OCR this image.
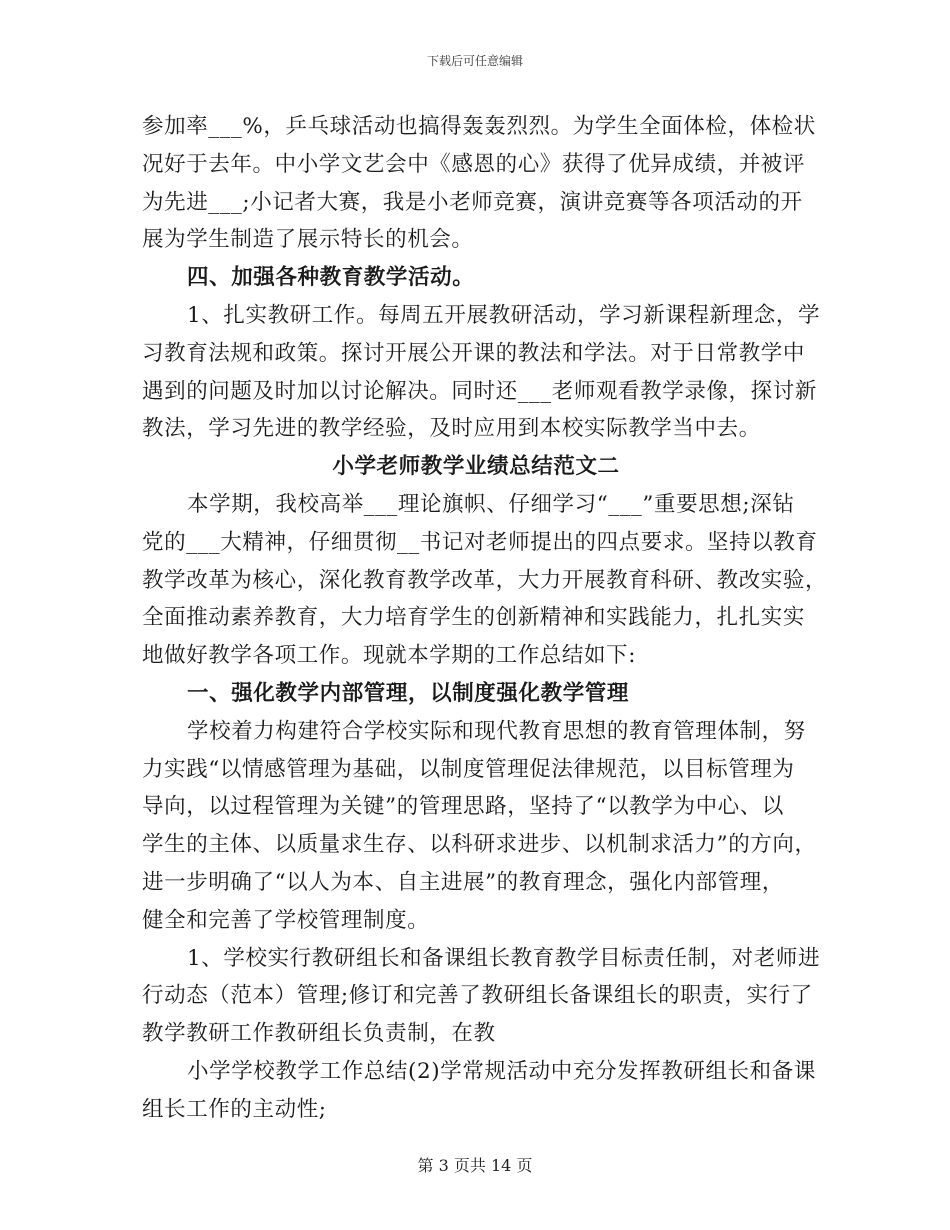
下载后可任意编辑
参加率___%，乒乓球活动也搞得轰轰烈烈。为学生全面体检，体检状
况好于去年。中小学文艺会中《感恩的心》获得了优异成绩，并被评
为先进___;小记者大赛，我是小老师竞赛，演讲竞赛等各项活动的开
展为学生制造了展示特长的机会。
四、加强各种教育教学活动。
1、扎实教研工作。每周五开展教研活动，学习新课程新理念，学
习教育法规和政策。探讨开展公开课的教法和学法。对于日常教学中
遇到的问题及时加以讨论解决。同时还___老师观看教学录像，探讨新
教法，学习先进的教学经验，及时应用到本校实际教学当中去。
小学老师教学业绩总结范文二
本学期，我校高举___理论旗帜、仔细学习“___”重要思想;深钻
党的___大精神，仔细贯彻__书记对老师提出的四点要求。坚持以教育
教学改革为核心，深化教育教学改革，大力开展教育科研、教改实验，
全面推动素养教育，大力培育学生的创新精神和实践能力，扎扎实实
地做好教学各项工作。现就本学期的工作总结如下:
一、强化教学内部管理，以制度强化教学管理
学校着力构建符合学校实际和现代教育思想的教育管理体制，努
力实践“以情感管理为基础，以制度管理促法律规范，以目标管理为
导向，以过程管理为关键”的管理思路，坚持了“以教学为中心、以
学生的主体、以质量求生存、以科研求进步、以机制求活力”的方向，
进一步明确了“以人为本、自主进展”的教育理念，强化内部管理，
健全和完善了学校管理制度。
1、学校实行教研组长和备课组长教育教学目标责任制，对老师进
行动态（范本）管理;修订和完善了教研组长备课组长的职责，实行了
教学教研工作教研组长负责制，在教
小学学校教学工作总结(2)学常规活动中充分发挥教研组长和备课
组长工作的主动性;
第 3 页共 14 页
